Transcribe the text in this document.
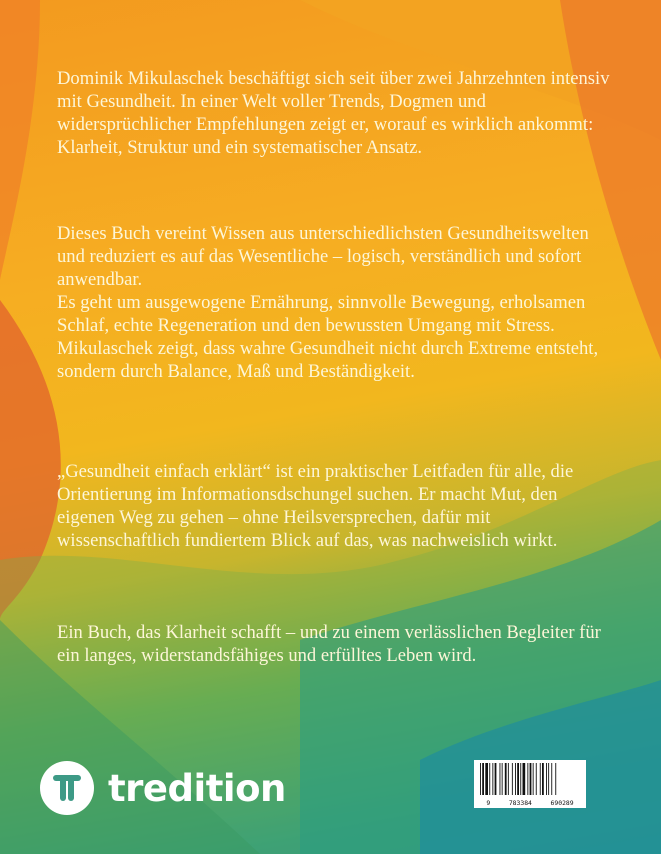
Dominik Mikulaschek beschäftigt sich seit über zwei Jahrzehnten intensiv mit Gesundheit. In einer Welt voller Trends, Dogmen und widersprüchlicher Empfehlungen zeigt er, worauf es wirklich ankommt: Klarheit, Struktur und ein systematischer Ansatz.

Dieses Buch vereint Wissen aus unterschiedlichsten Gesundheitswelten und reduziert es auf das Wesentliche – logisch, verständlich und sofort anwendbar.
Es geht um ausgewogene Ernährung, sinnvolle Bewegung, erholsamen Schlaf, echte Regeneration und den bewussten Umgang mit Stress. Mikulaschek zeigt, dass wahre Gesundheit nicht durch Extreme entsteht, sondern durch Balance, Maß und Beständigkeit.

„Gesundheit einfach erklärt“ ist ein praktischer Leitfaden für alle, die Orientierung im Informationsdschungel suchen. Er macht Mut, den eigenen Weg zu gehen – ohne Heilsversprechen, dafür mit wissenschaftlich fundiertem Blick auf das, was nachweislich wirkt.

Ein Buch, das Klarheit schafft – und zu einem verlässlichen Begleiter für ein langes, widerstandsfähiges und erfülltes Leben wird.

tredition	9	783384	690289
